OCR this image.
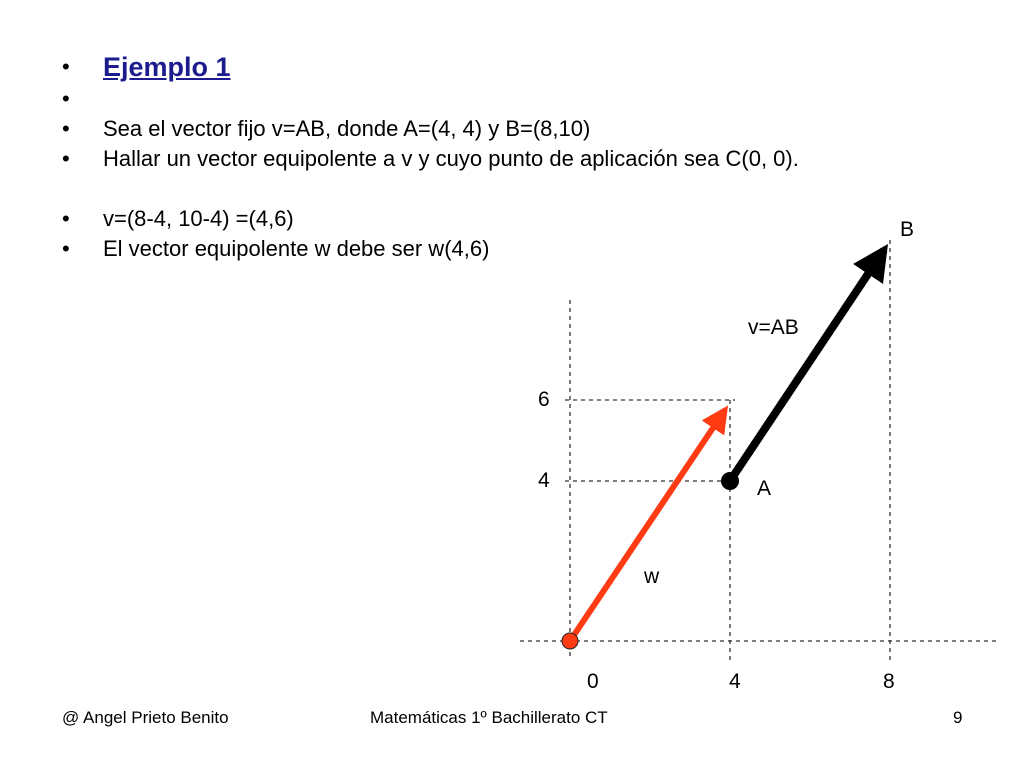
• Ejemplo 1
•

• Sea el vector fijo v=AB, donde A=(4, 4) y B=(8,10)
• Hallar un vector equipolente a v y cuyo punto de aplicación sea C(0, 0).
• v=(8-4, 10-4) =(4,6)
• El vector equipolente w debe ser w(4,6)
B
v=AB
6
4	A
w
0	4	8
@ Angel Prieto Benito	Matemáticas 1º Bachillerato CT	9
